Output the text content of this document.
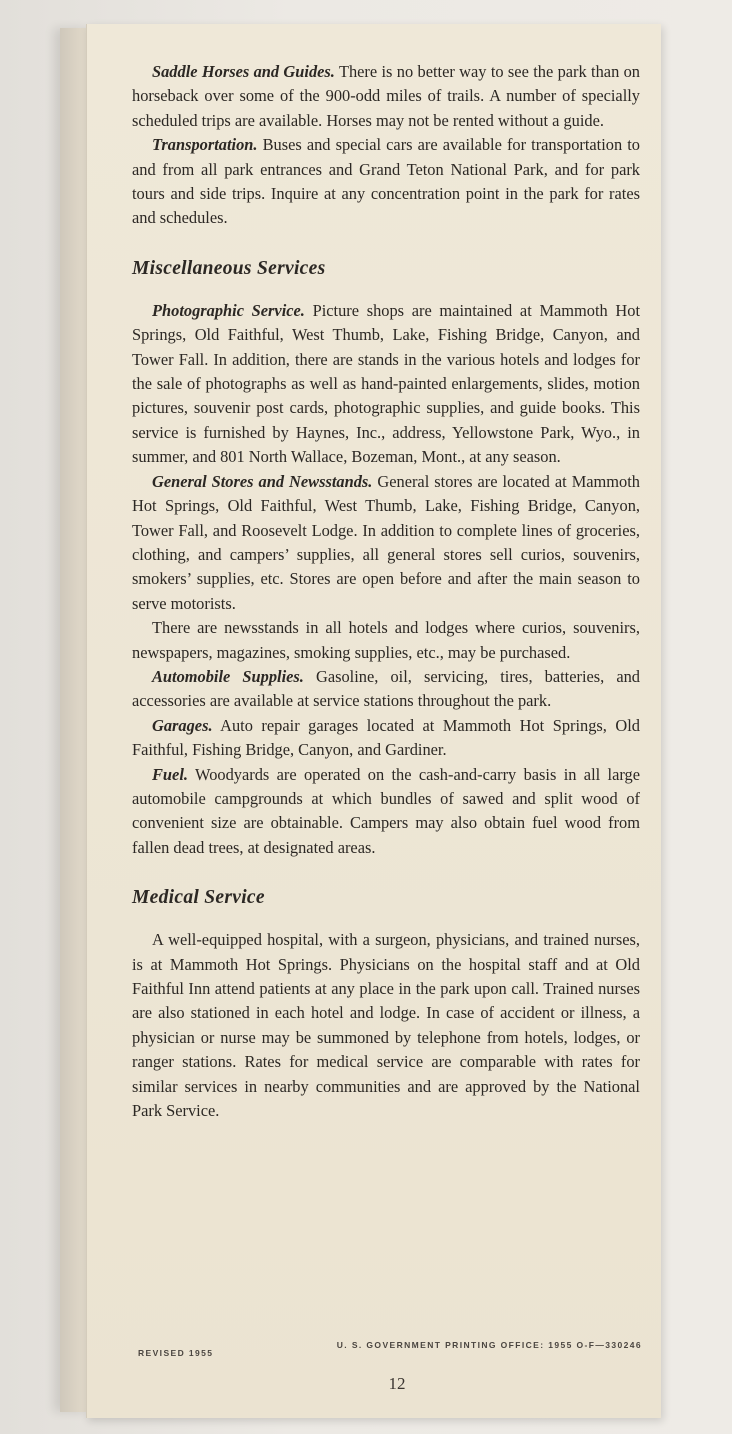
Saddle Horses and Guides. There is no better way to see the park than on horseback over some of the 900-odd miles of trails. A number of specially scheduled trips are available. Horses may not be rented without a guide.

Transportation. Buses and special cars are available for transportation to and from all park entrances and Grand Teton National Park, and for park tours and side trips. Inquire at any concentration point in the park for rates and schedules.

Miscellaneous Services

Photographic Service. Picture shops are maintained at Mammoth Hot Springs, Old Faithful, West Thumb, Lake, Fishing Bridge, Canyon, and Tower Fall. In addition, there are stands in the various hotels and lodges for the sale of photographs as well as hand-painted enlargements, slides, motion pictures, souvenir post cards, photographic supplies, and guide books. This service is furnished by Haynes, Inc., address, Yellowstone Park, Wyo., in summer, and 801 North Wallace, Bozeman, Mont., at any season.

General Stores and Newsstands. General stores are located at Mammoth Hot Springs, Old Faithful, West Thumb, Lake, Fishing Bridge, Canyon, Tower Fall, and Roosevelt Lodge. In addition to complete lines of groceries, clothing, and campers’ supplies, all general stores sell curios, souvenirs, smokers’ supplies, etc. Stores are open before and after the main season to serve motorists.

There are newsstands in all hotels and lodges where curios, souvenirs, newspapers, magazines, smoking supplies, etc., may be purchased.

Automobile Supplies. Gasoline, oil, servicing, tires, batteries, and accessories are available at service stations throughout the park.

Garages. Auto repair garages located at Mammoth Hot Springs, Old Faithful, Fishing Bridge, Canyon, and Gardiner.

Fuel. Woodyards are operated on the cash-and-carry basis in all large automobile campgrounds at which bundles of sawed and split wood of convenient size are obtainable. Campers may also obtain fuel wood from fallen dead trees, at designated areas.

Medical Service

A well-equipped hospital, with a surgeon, physicians, and trained nurses, is at Mammoth Hot Springs. Physicians on the hospital staff and at Old Faithful Inn attend patients at any place in the park upon call. Trained nurses are also stationed in each hotel and lodge. In case of accident or illness, a physician or nurse may be summoned by telephone from hotels, lodges, or ranger stations. Rates for medical service are comparable with rates for similar services in nearby communities and are approved by the National Park Service.

REVISED 1955
U. S. GOVERNMENT PRINTING OFFICE: 1955 O-F—330246
12
